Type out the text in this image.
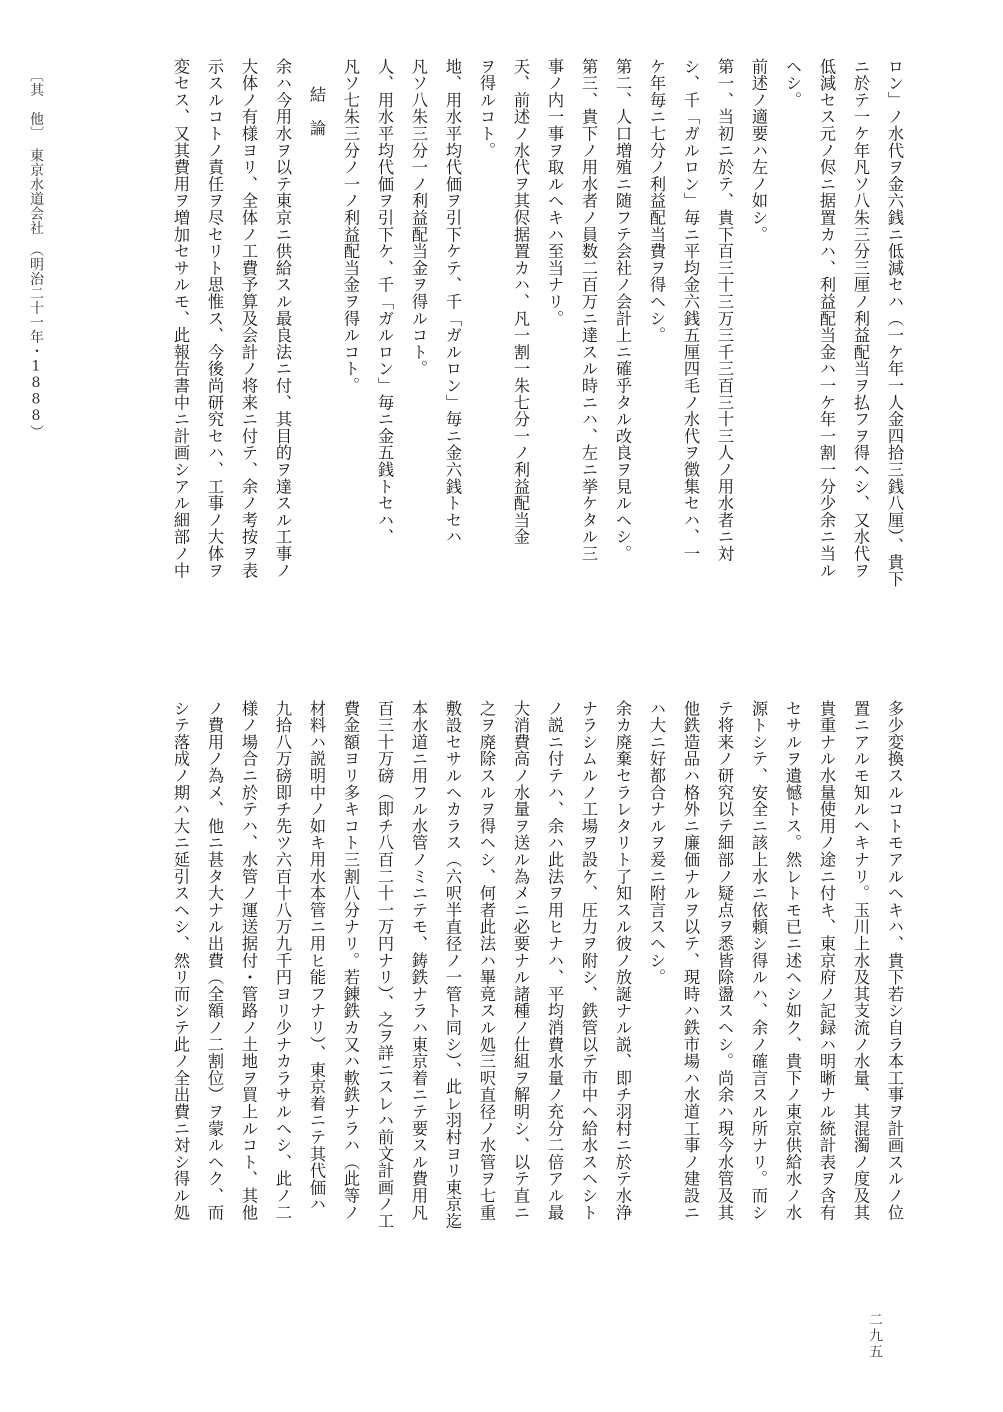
〔其　他〕　東京水道会社　（明治二十一年・1888）	ロン」ノ水代ヲ金六銭ニ低減セハ（一ケ年一人金四拾三銭八厘）、貴下

ニ於テ一ケ年凡ソ八朱三分三厘ノ利益配当ヲ払フヲ得ヘシ、又水代ヲ

低減セス元ノ侭ニ据置カハ、利益配当金ハ一ケ年一割一分少余ニ当ル

ヘシ。

前述ノ適要ハ左ノ如シ。

第一、当初ニ於テ、貴下百三十三万三千三百三十三人ノ用水者ニ対

シ、千「ガルロン」毎ニ平均金六銭五厘四毛ノ水代ヲ徴集セハ、一

ケ年毎ニ七分ノ利益配当費ヲ得ヘシ。

第二、人口増殖ニ随フテ会社ノ会計上ニ確乎タル改良ヲ見ルヘシ。

第三、貴下ノ用水者ノ員数二百万ニ達スル時ニハ、左ニ挙ケタル三

事ノ内一事ヲ取ルヘキハ至当ナリ。

天、前述ノ水代ヲ其侭据置カハ、凡一割一朱七分一ノ利益配当金

ヲ得ルコト。

地、用水平均代価ヲ引下ケテ、千「ガルロン」毎ニ金六銭トセハ

凡ソ八朱三分一ノ利益配当金ヲ得ルコト。

人、用水平均代価ヲ引下ケ、千「ガルロン」毎ニ金五銭トセハ、

凡ソ七朱三分ノ一ノ利益配当金ヲ得ルコト。

結　論

余ハ今用水ヲ以テ東京ニ供給スル最良法ニ付、其目的ヲ達スル工事ノ

大体ノ有様ヨリ、全体ノ工費予算及会計ノ将来ニ付テ、余ノ考按ヲ表

示スルコトノ責任ヲ尽セリト思惟ス、今後尚研究セハ、工事ノ大体ヲ

変セス、又其費用ヲ増加セサルモ、此報告書中ニ計画シアル細部ノ中

多少変換スルコトモアルヘキハ、貴下若シ自ラ本工事ヲ計画スルノ位

置ニアルモ知ルヘキナリ。玉川上水及其支流ノ水量、其混濁ノ度及其

貴重ナル水量使用ノ途ニ付キ、東京府ノ記録ハ明晰ナル統計表ヲ含有

セサルヲ遺憾トス。然レトモ已ニ述ヘシ如ク、貴下ノ東京供給水ノ水

源トシテ、安全ニ該上水ニ依頼シ得ルハ、余ノ確言スル所ナリ。而シ

テ将来ノ研究以テ細部ノ疑点ヲ悉皆除盪スヘシ。尚余ハ現今水管及其

他鉄造品ハ格外ニ廉価ナルヲ以テ、現時ハ鉄市場ハ水道工事ノ建設ニ

ハ大ニ好都合ナルヲ爰ニ附言スヘシ。

余カ廃棄セラレタリト了知スル彼ノ放誕ナル説、即チ羽村ニ於テ水浄

ナラシムルノ工場ヲ設ケ、圧力ヲ附シ、鉄管以テ市中ヘ給水スヘシト

ノ説ニ付テハ、余ハ此法ヲ用ヒナハ、平均消費水量ノ充分二倍アル最

大消費高ノ水量ヲ送ル為メニ必要ナル諸種ノ仕組ヲ解明シ、以テ直ニ

之ヲ廃除スルヲ得ヘシ、何者此法ハ畢竟スル処三呎直径ノ水管ヲ七重

敷設セサルヘカラス（六呎半直径ノ一管ト同シ）、此レ羽村ヨリ東京迄

本水道ニ用フル水管ノミニテモ、鋳鉄ナラハ東京着ニテ要スル費用凡

百三十万磅（即チ八百二十一万円ナリ）、之ヲ詳ニスレハ前文計画ノ工

費金額ヨリ多キコト三割八分ナリ。若錬鉄カ又ハ軟鉄ナラハ（此等ノ

材料ハ説明中ノ如キ用水本管ニ用ヒ能フナリ）、東京着ニテ其代価ハ

九拾八万磅即チ先ツ六百十八万九千円ヨリ少ナカラサルヘシ、此ノ二

様ノ場合ニ於テハ、水管ノ運送据付・管路ノ土地ヲ買上ルコト、其他

ノ費用ノ為メ、他ニ甚タ大ナル出費（全額ノ二割位）ヲ蒙ルヘク、而

シテ落成ノ期ハ大ニ延引スヘシ、然リ而シテ此ノ全出費ニ対シ得ル処

二九五
